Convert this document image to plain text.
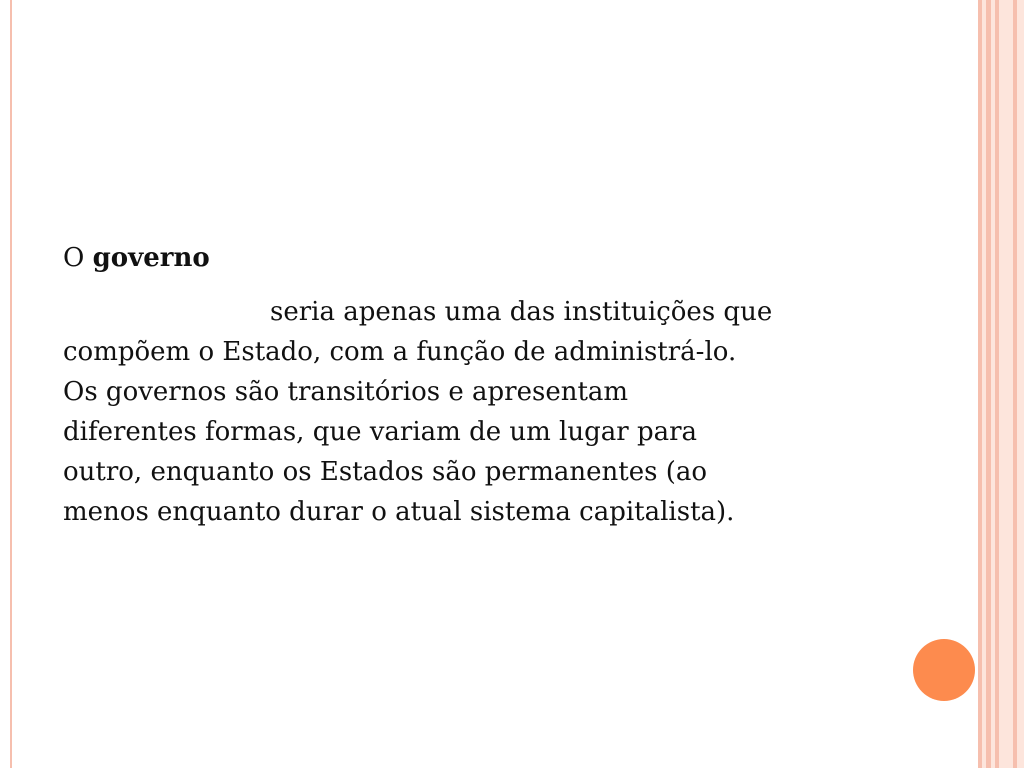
O governo

seria apenas uma das instituições que
compõem o Estado, com a função de administrá-lo.
Os governos são transitórios e apresentam
diferentes formas, que variam de um lugar para
outro, enquanto os Estados são permanentes (ao
menos enquanto durar o atual sistema capitalista).
